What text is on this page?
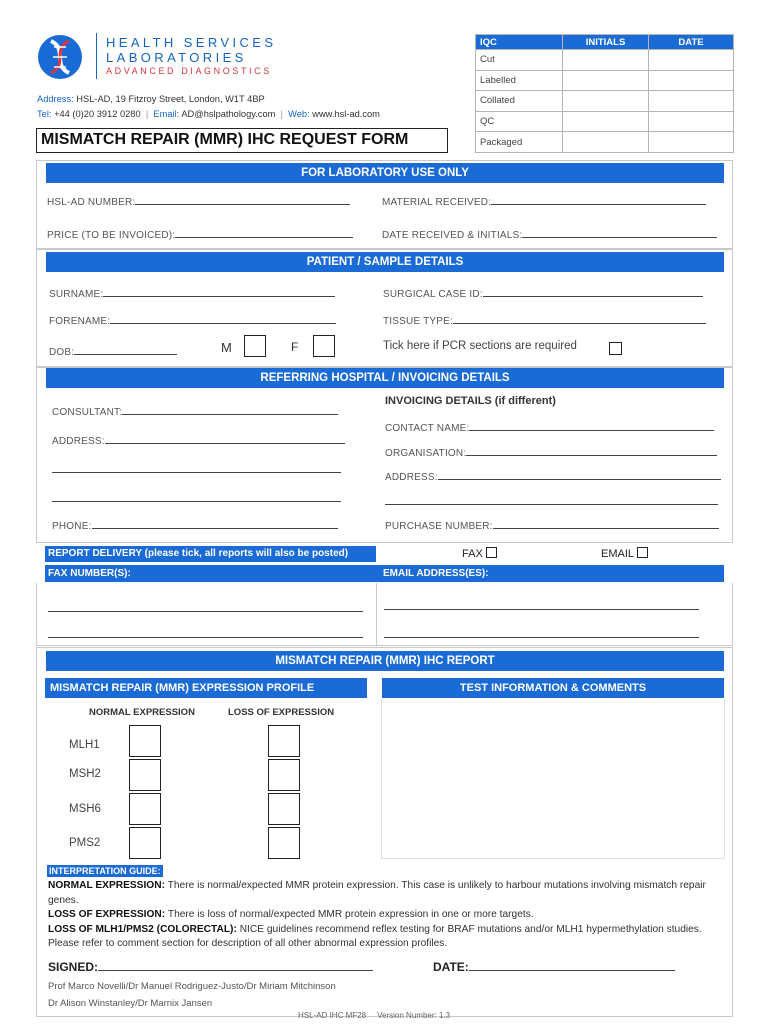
HEALTH SERVICES
LABORATORIES
ADVANCED DIAGNOSTICS
Address: HSL-AD, 19 Fitzroy Street, London, W1T 4BP
Tel: +44 (0)20 3912 0280 | Email: AD@hslpathology.com | Web: www.hsl-ad.com
MISMATCH REPAIR (MMR) IHC REQUEST FORM
IQC	INITIALS	DATE
Cut		
Labelled		
Collated		
QC		
Packaged		
FOR LABORATORY USE ONLY
HSL-AD NUMBER:	MATERIAL RECEIVED:
PRICE (TO BE INVOICED):	DATE RECEIVED & INITIALS:
PATIENT / SAMPLE DETAILS
SURNAME:	SURGICAL CASE ID:
FORENAME:	TISSUE TYPE:
DOB:	M	F	Tick here if PCR sections are required
REFERRING HOSPITAL / INVOICING DETAILS
CONSULTANT:
ADDRESS:
PHONE:
INVOICING DETAILS (if different)
CONTACT NAME:
ORGANISATION:
ADDRESS:
PURCHASE NUMBER:
REPORT DELIVERY (please tick, all reports will also be posted)	FAX	EMAIL
FAX NUMBER(S):	EMAIL ADDRESS(ES):
MISMATCH REPAIR (MMR) IHC REPORT
MISMATCH REPAIR (MMR) EXPRESSION PROFILE	TEST INFORMATION & COMMENTS
NORMAL EXPRESSION	LOSS OF EXPRESSION
MLH1
MSH2
MSH6
PMS2
INTERPRETATION GUIDE:

NORMAL EXPRESSION: There is normal/expected MMR protein expression. This case is unlikely to harbour mutations involving mismatch repair genes.

LOSS OF EXPRESSION: There is loss of normal/expected MMR protein expression in one or more targets.

LOSS OF MLH1/PMS2 (COLORECTAL): NICE guidelines recommend reflex testing for BRAF mutations and/or MLH1 hypermethylation studies. Please refer to comment section for description of all other abnormal expression profiles.

SIGNED:	DATE:
Prof Marco Novelli/Dr Manuel Rodriguez-Justo/Dr Miriam Mitchinson
Dr Alison Winstanley/Dr Marnix Jansen
HSL-AD IHC MF28 Version Number: 1.3
